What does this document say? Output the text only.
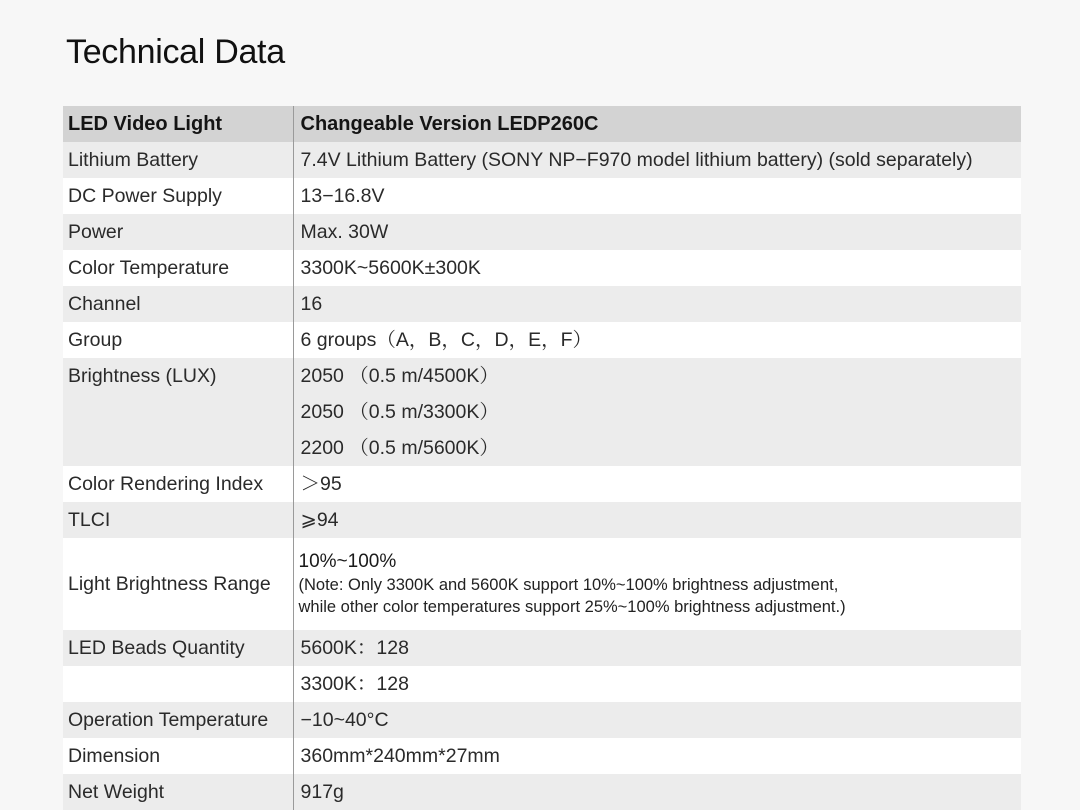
Technical Data
LED Video Light	Changeable Version LEDP260C
Lithium Battery	7.4V Lithium Battery (SONY NP−F970 model lithium battery) (sold separately)
DC Power Supply	13−16.8V
Power	Max. 30W
Color Temperature	3300K~5600K±300K
Channel	16
Group	6 groups（A，B，C，D，E，F）
Brightness (LUX)	2050 （0.5 m/4500K）
2050 （0.5 m/3300K）
2200 （0.5 m/5600K）

Color Rendering Index	＞95
TLCI	⩾94
Light Brightness Range	10%~100%
(Note: Only 3300K and 5600K support 10%~100% brightness adjustment,
while other color temperatures support 25%~100% brightness adjustment.)

LED Beads Quantity	5600K：128
	3300K：128
Operation Temperature	−10~40°C
Dimension	360mm*240mm*27mm
Net Weight	917g
